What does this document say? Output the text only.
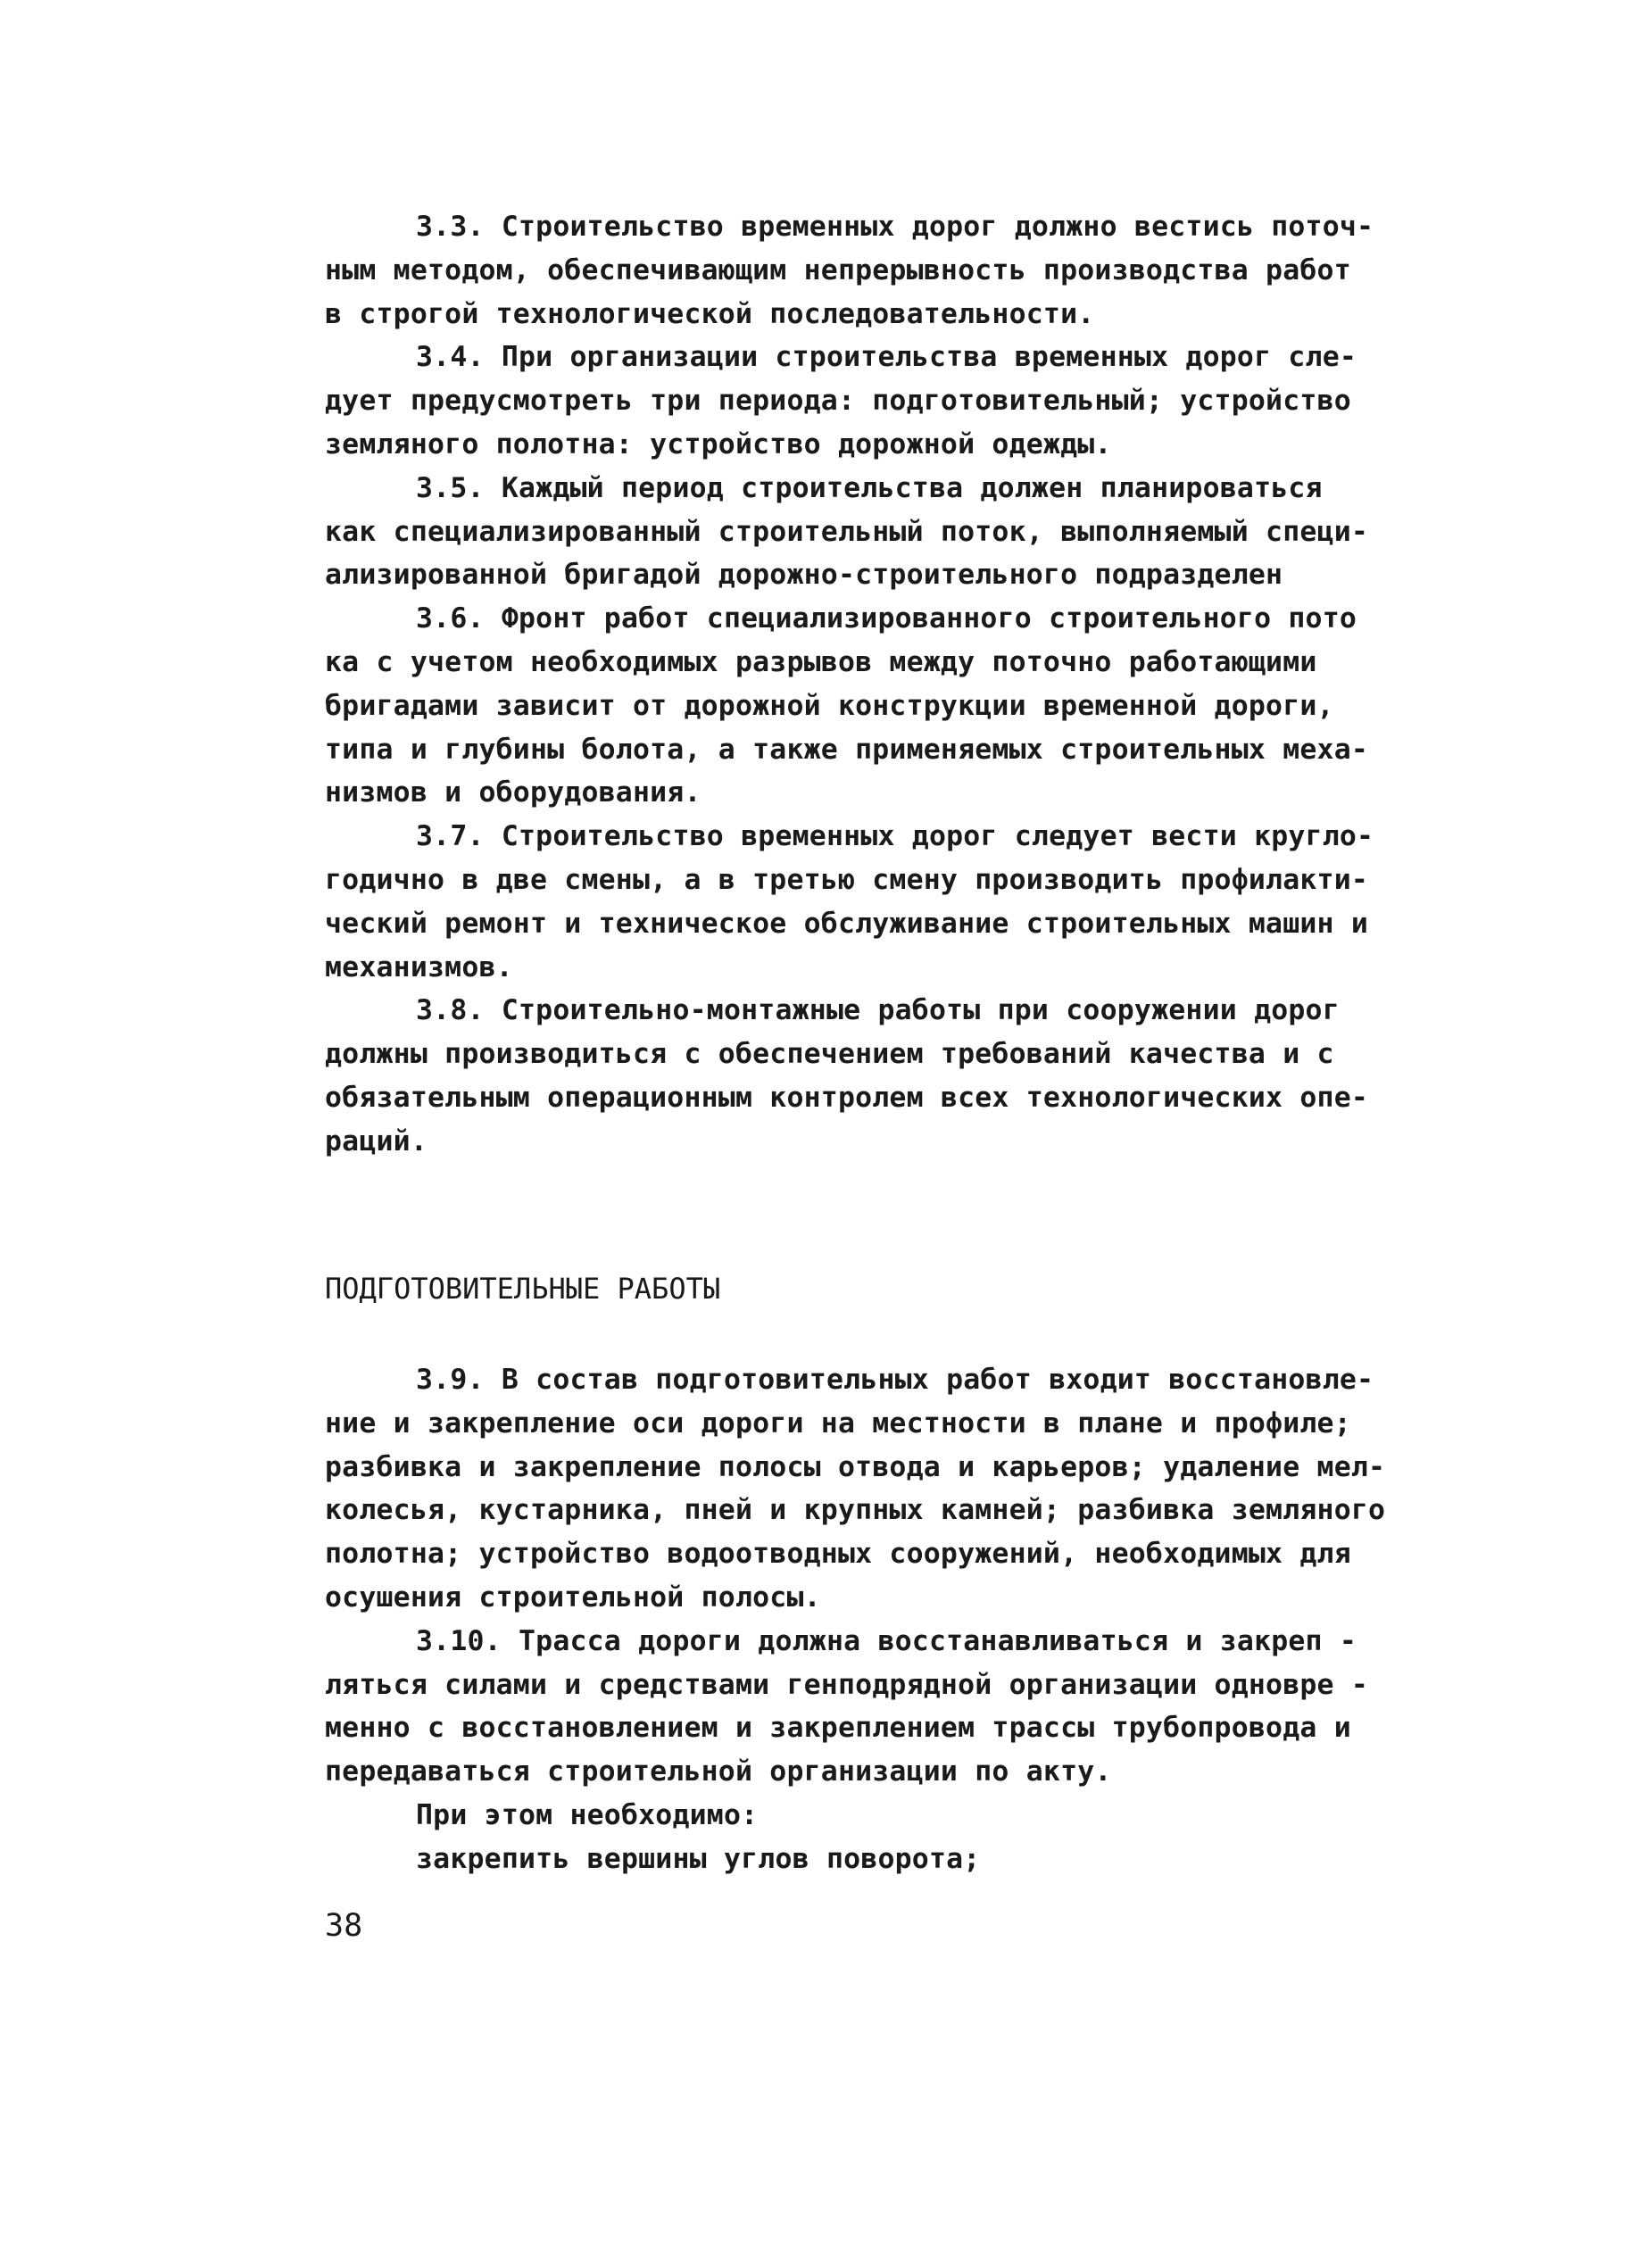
3.3. Строительство временных дорог должно вестись поточ-
ным методом, обеспечивающим непрерывность производства работ
в строгой технологической последовательности.
3.4. При организации строительства временных дорог сле-
дует предусмотреть три периода: подготовительный; устройство
земляного полотна: устройство дорожной одежды.
3.5. Каждый период строительства должен планироваться
как специализированный строительный поток, выполняемый специ-
ализированной бригадой дорожно-строительного подразделен
3.6. Фронт работ специализированного строительного пото
ка с учетом необходимых разрывов между поточно работающими
бригадами зависит от дорожной конструкции временной дороги,
типа и глубины болота, а также применяемых строительных меха-
низмов и оборудования.
3.7. Строительство временных дорог следует вести кругло-
годично в две смены, а в третью смену производить профилакти-
ческий ремонт и техническое обслуживание строительных машин и
механизмов.
3.8. Строительно-монтажные работы при сооружении дорог
должны производиться с обеспечением требований качества и с
обязательным операционным контролем всех технологических опе-
раций.
ПОДГОТОВИТЕЛЬНЫЕ РАБОТЫ
3.9. В состав подготовительных работ входит восстановле-
ние и закрепление оси дороги на местности в плане и профиле;
разбивка и закрепление полосы отвода и карьеров; удаление мел-
колесья, кустарника, пней и крупных камней; разбивка земляного
полотна; устройство водоотводных сооружений, необходимых для
осушения строительной полосы.
3.10. Трасса дороги должна восстанавливаться и закреп -
ляться силами и средствами генподрядной организации одновре -
менно с восстановлением и закреплением трассы трубопровода и
передаваться строительной организации по акту.
При этом необходимо:
закрепить вершины углов поворота;
38
